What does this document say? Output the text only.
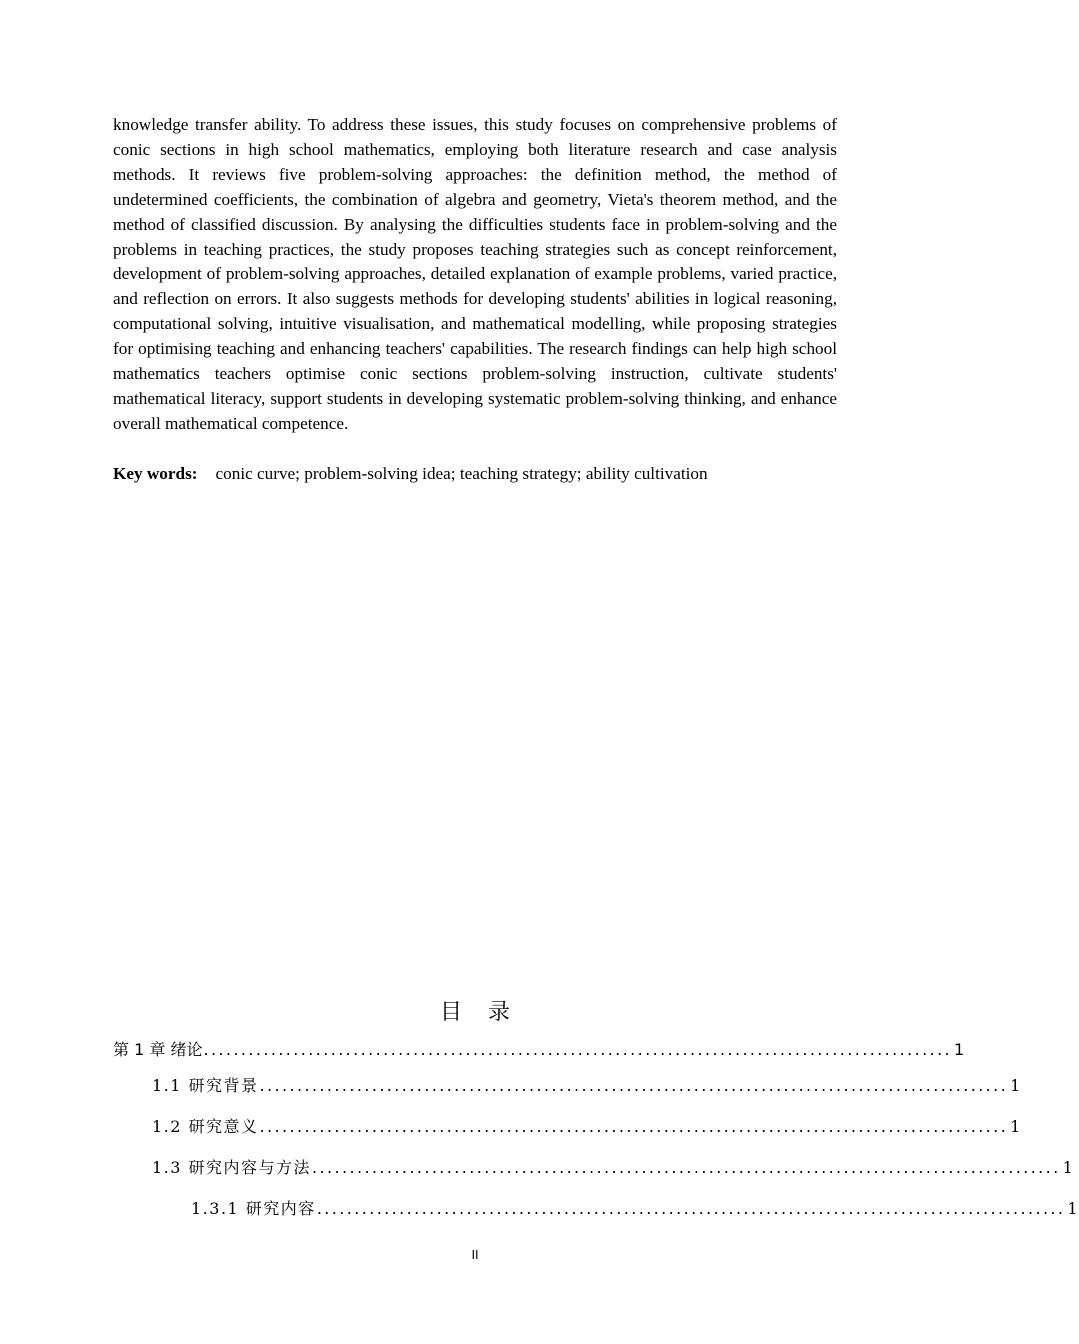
knowledge transfer ability. To address these issues, this study focuses on comprehensive problems of conic sections in high school mathematics, employing both literature research and case analysis methods. It reviews five problem-solving approaches: the definition method, the method of undetermined coefficients, the combination of algebra and geometry, Vieta's theorem method, and the method of classified discussion. By analysing the difficulties students face in problem-solving and the problems in teaching practices, the study proposes teaching strategies such as concept reinforcement, development of problem-solving approaches, detailed explanation of example problems, varied practice, and reflection on errors. It also suggests methods for developing students' abilities in logical reasoning, computational solving, intuitive visualisation, and mathematical modelling, while proposing strategies for optimising teaching and enhancing teachers' capabilities. The research findings can help high school mathematics teachers optimise conic sections problem-solving instruction, cultivate students' mathematical literacy, support students in developing systematic problem-solving thinking, and enhance overall mathematical competence.

Key words: conic curve; problem-solving idea; teaching strategy; ability cultivation
目录
第 1 章 绪论 .................................................................................................... 1
1.1 研究背景 .................................................................................................... 1
1.2 研究意义 .................................................................................................... 1
1.3 研究内容与方法 .................................................................................................... 1
1.3.1 研究内容 .................................................................................................... 1
II
